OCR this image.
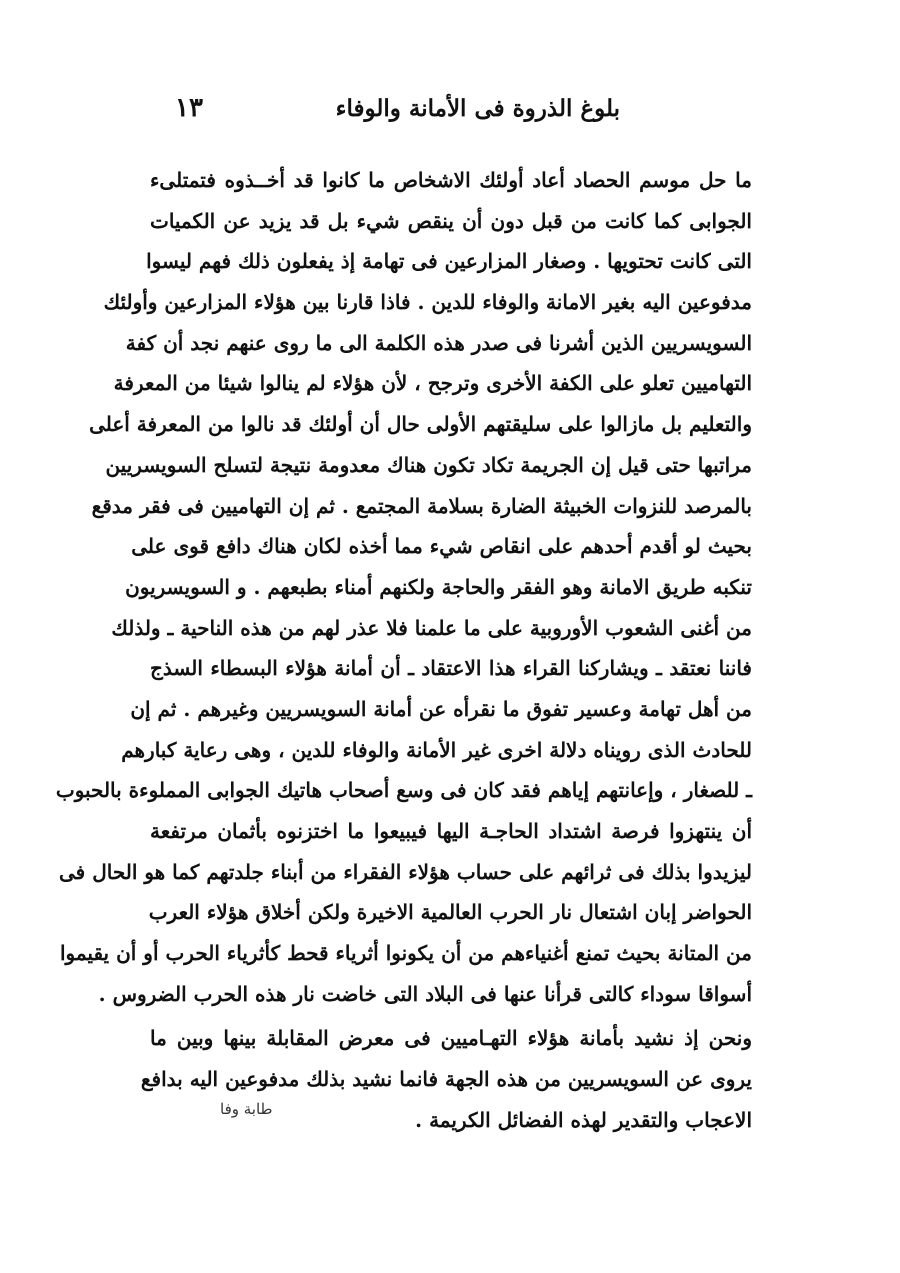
بلوغ الذروة فى الأمانة والوفاء
١٣
ما حل موسم الحصاد أعاد أولئك الاشخاص ما كانوا قد أخــذوه فتمتلىء
الجوابى كما كانت من قبل دون أن ينقص شيء بل قد يزيد عن الكميات
التى كانت تحتويها . وصغار المزارعين فى تهامة إذ يفعلون ذلك فهم ليسوا
مدفوعين اليه بغير الامانة والوفاء للدين . فاذا قارنا بين هؤلاء المزارعين وأولئك
السويسريين الذين أشرنا فى صدر هذه الكلمة الى ما روى عنهم نجد أن كفة
التهاميين تعلو على الكفة الأخرى وترجح ، لأن هؤلاء لم ينالوا شيئا من المعرفة
والتعليم بل مازالوا على سليقتهم الأولى حال أن أولئك قد نالوا من المعرفة أعلى
مراتبها حتى قيل إن الجريمة تكاد تكون هناك معدومة نتيجة لتسلح السويسريين
بالمرصد للنزوات الخبيثة الضارة بسلامة المجتمع . ثم إن التهاميين فى فقر مدقع
بحيث لو أقدم أحدهم على انقاص شيء مما أخذه لكان هناك دافع قوى على
تنكبه طريق الامانة وهو الفقر والحاجة ولكنهم أمناء بطبعهم . و السويسريون
من أغنى الشعوب الأوروبية على ما علمنا فلا عذر لهم من هذه الناحية ـ ولذلك
فاننا نعتقد ـ ويشاركنا القراء هذا الاعتقاد ـ أن أمانة هؤلاء البسطاء السذج
من أهل تهامة وعسير تفوق ما نقرأه عن أمانة السويسريين وغيرهم . ثم إن
للحادث الذى رويناه دلالة اخرى غير الأمانة والوفاء للدين ، وهى رعاية كبارهم
ـ للصغار ، وإعانتهم إياهم فقد كان فى وسع أصحاب هاتيك الجوابى المملوءة بالحبوب
أن ينتهزوا فرصة اشتداد الحاجـة اليها فيبيعوا ما اختزنوه بأثمان مرتفعة
ليزيدوا بذلك فى ثرائهم على حساب هؤلاء الفقراء من أبناء جلدتهم كما هو الحال فى
الحواضر إبان اشتعال نار الحرب العالمية الاخيرة ولكن أخلاق هؤلاء العرب
من المتانة بحيث تمنع أغنياءهم من أن يكونوا أثرياء قحط كأثرياء الحرب أو أن يقيموا
أسواقا سوداء كالتى قرأنا عنها فى البلاد التى خاضت نار هذه الحرب الضروس .
ونحن إذ نشيد بأمانة هؤلاء التهـاميين فى معرض المقابلة بينها وبين ما
يروى عن السويسريين من هذه الجهة فانما نشيد بذلك مدفوعين اليه بدافع
الاعجاب والتقدير لهذه الفضائل الكريمة .
طابة وفا
